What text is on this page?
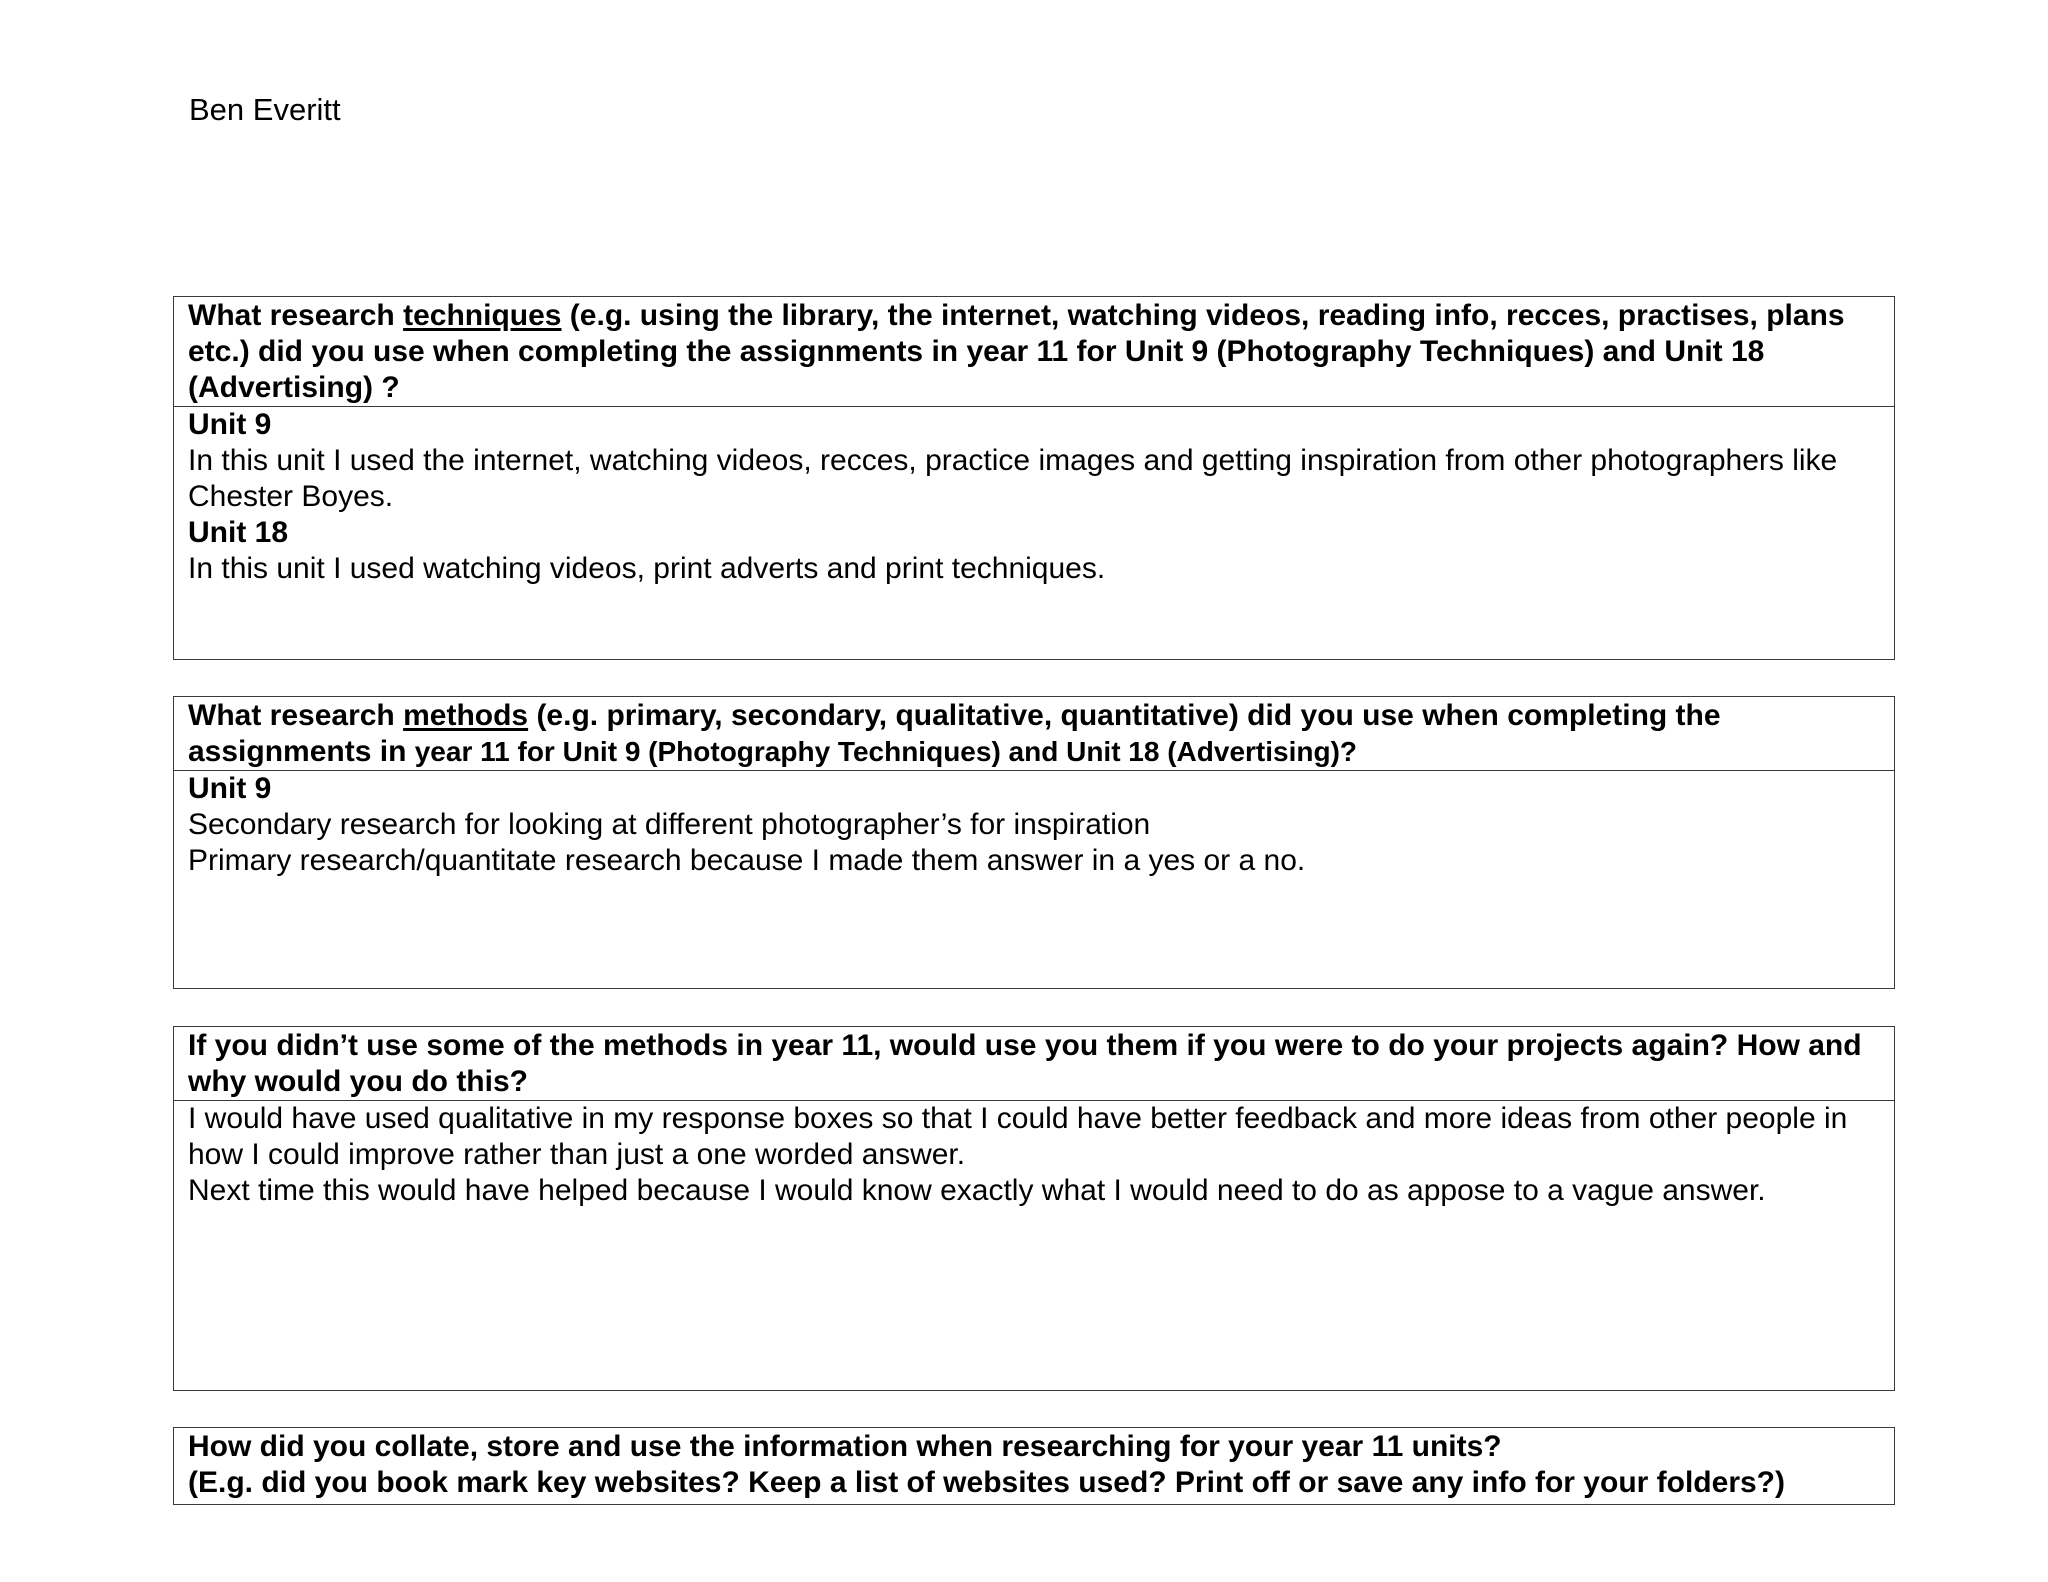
Ben Everitt
What research techniques (e.g. using the library, the internet, watching videos, reading info, recces, practises, plans etc.) did you use when completing the assignments in year 11 for Unit 9 (Photography Techniques) and Unit 18 (Advertising) ?

Unit 9

In this unit I used the internet, watching videos, recces, practice images and getting inspiration from other photographers like Chester Boyes.

Unit 18

In this unit I used watching videos, print adverts and print techniques.

What research methods (e.g. primary, secondary, qualitative, quantitative) did you use when completing the assignments in year 11 for Unit 9 (Photography Techniques) and Unit 18 (Advertising)?

Unit 9

Secondary research for looking at different photographer’s for inspiration

Primary research/quantitate research because I made them answer in a yes or a no.

If you didn’t use some of the methods in year 11, would use you them if you were to do your projects again? How and why would you do this?

I would have used qualitative in my response boxes so that I could have better feedback and more ideas from other people in how I could improve rather than just a one worded answer.

Next time this would have helped because I would know exactly what I would need to do as appose to a vague answer.

How did you collate, store and use the information when researching for your year 11 units?
(E.g. did you book mark key websites? Keep a list of websites used? Print off or save any info for your folders?)
